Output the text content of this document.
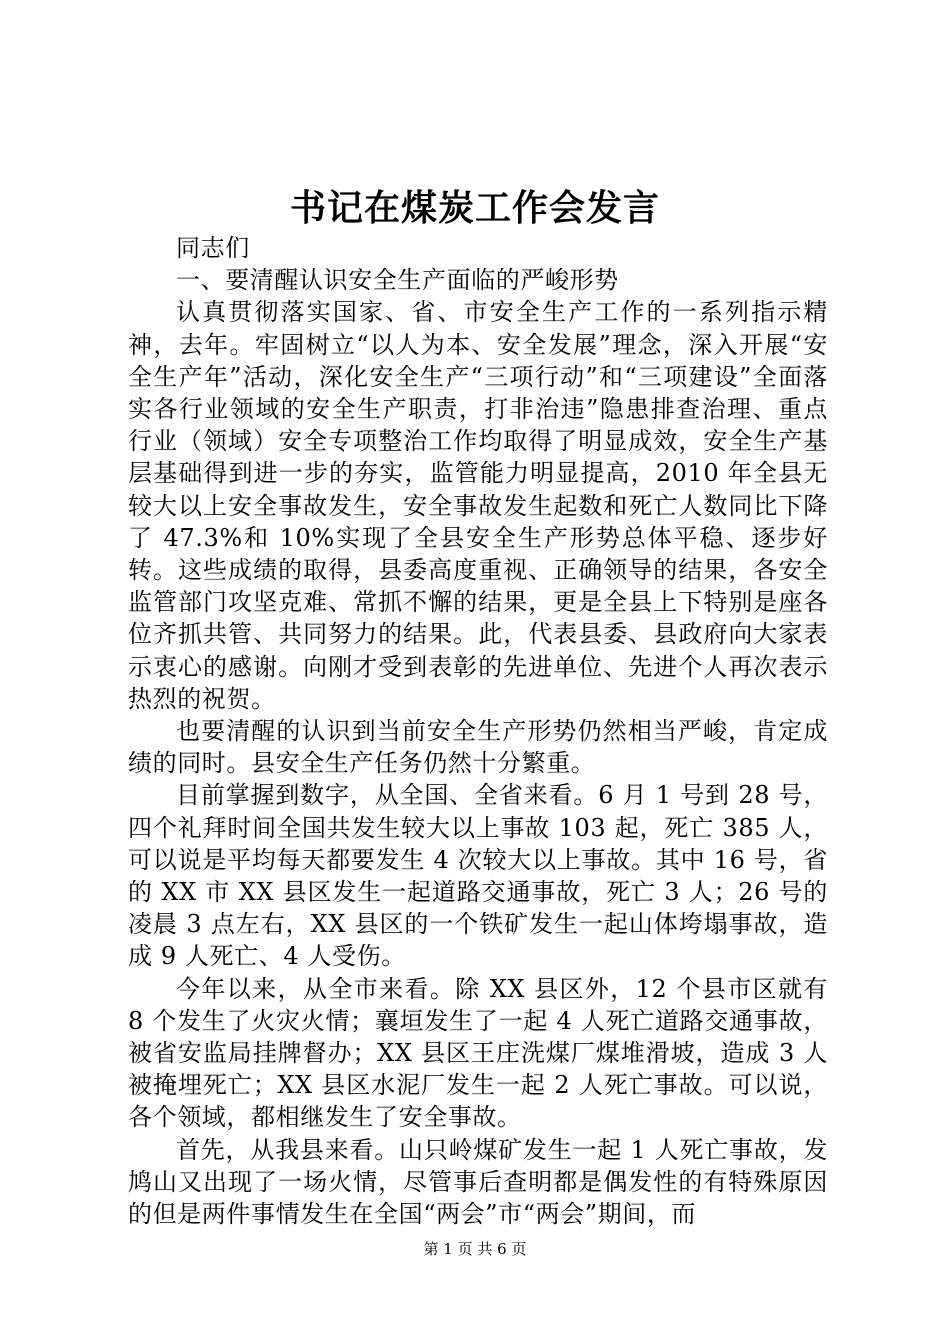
书记在煤炭工作会发言

同志们

一、要清醒认识安全生产面临的严峻形势

认真贯彻落实国家、省、市安全生产工作的一系列指示精神，去年。牢固树立“以人为本、安全发展”理念，深入开展“安全生产年”活动，深化安全生产“三项行动”和“三项建设”全面落实各行业领域的安全生产职责，打非治违”隐患排查治理、重点行业（领域）安全专项整治工作均取得了明显成效，安全生产基层基础得到进一步的夯实，监管能力明显提高，2010 年全县无较大以上安全事故发生，安全事故发生起数和死亡人数同比下降了 47.3%和 10%实现了全县安全生产形势总体平稳、逐步好转。这些成绩的取得，县委高度重视、正确领导的结果，各安全监管部门攻坚克难、常抓不懈的结果，更是全县上下特别是座各位齐抓共管、共同努力的结果。此，代表县委、县政府向大家表示衷心的感谢。向刚才受到表彰的先进单位、先进个人再次表示热烈的祝贺。

也要清醒的认识到当前安全生产形势仍然相当严峻，肯定成绩的同时。县安全生产任务仍然十分繁重。

目前掌握到数字，从全国、全省来看。6 月 1 号到 28 号，四个礼拜时间全国共发生较大以上事故 103 起，死亡 385 人，可以说是平均每天都要发生 4 次较大以上事故。其中 16 号，省的 XX 市 XX 县区发生一起道路交通事故，死亡 3 人；26 号的凌晨 3 点左右，XX 县区的一个铁矿发生一起山体垮塌事故，造成 9 人死亡、4 人受伤。

今年以来，从全市来看。除 XX 县区外，12 个县市区就有 8 个发生了火灾火情；襄垣发生了一起 4 人死亡道路交通事故，被省安监局挂牌督办；XX 县区王庄洗煤厂煤堆滑坡，造成 3 人被掩埋死亡；XX 县区水泥厂发生一起 2 人死亡事故。可以说，各个领域，都相继发生了安全事故。

首先，从我县来看。山只岭煤矿发生一起 1 人死亡事故，发鸠山又出现了一场火情，尽管事后查明都是偶发性的有特殊原因的但是两件事情发生在全国“两会”市“两会”期间，而

第 1 页 共 6 页
